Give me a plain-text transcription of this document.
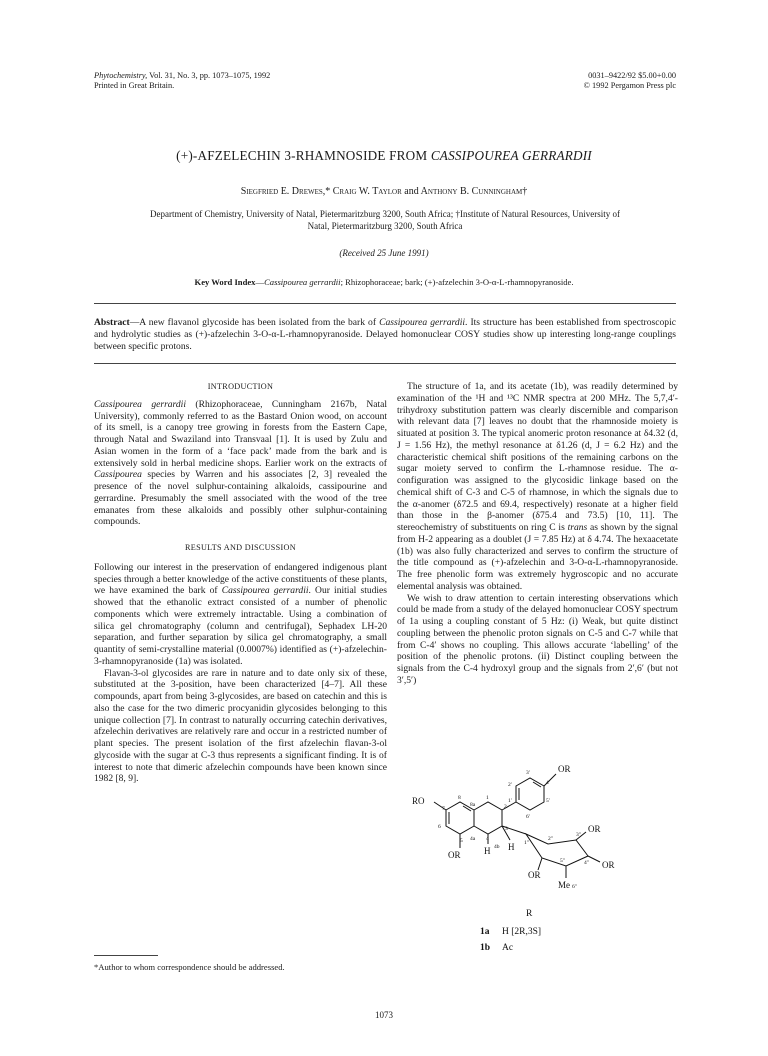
Phytochemistry, Vol. 31, No. 3, pp. 1073–1075, 1992
Printed in Great Britain.
0031–9422/92 $5.00+0.00
© 1992 Pergamon Press plc
(+)-AFZELECHIN 3-RHAMNOSIDE FROM CASSIPOUREA GERRARDII
Siegfried E. Drewes,* Craig W. Taylor and Anthony B. Cunningham†
Department of Chemistry, University of Natal, Pietermaritzburg 3200, South Africa; †Institute of Natural Resources, University of
Natal, Pietermaritzburg 3200, South Africa
(Received 25 June 1991)
Key Word Index—Cassipourea gerrardii; Rhizophoraceae; bark; (+)-afzelechin 3-O-α-L-rhamnopyranoside.
Abstract—A new flavanol glycoside has been isolated from the bark of Cassipourea gerrardii. Its structure has been established from spectroscopic and hydrolytic studies as (+)-afzelechin 3-O-α-L-rhamnopyranoside. Delayed homonuclear COSY studies show up interesting long-range couplings between specific protons.

INTRODUCTION

Cassipourea gerrardii (Rhizophoraceae, Cunningham 2167b, Natal University), commonly referred to as the Bastard Onion wood, on account of its smell, is a canopy tree growing in forests from the Eastern Cape, through Natal and Swaziland into Transvaal [1]. It is used by Zulu and Asian women in the form of a ‘face pack’ made from the bark and is extensively sold in herbal medicine shops. Earlier work on the extracts of Cassipourea species by Warren and his associates [2, 3] revealed the presence of the novel sulphur-containing alkaloids, cassipourine and gerrardine. Presumably the smell associated with the wood of the tree emanates from these alkaloids and possibly other sulphur-containing compounds.

RESULTS AND DISCUSSION

Following our interest in the preservation of endangered indigenous plant species through a better knowledge of the active constituents of these plants, we have examined the bark of Cassipourea gerrardii. Our initial studies showed that the ethanolic extract consisted of a number of phenolic components which were extremely intractable. Using a combination of silica gel chromatography (column and centrifugal), Sephadex LH-20 separation, and further separation by silica gel chromatography, a small quantity of semi-crystalline material (0.0007%) identified as (+)-afzelechin-3-rhamnopyranoside (1a) was isolated.

Flavan-3-ol glycosides are rare in nature and to date only six of these, substituted at the 3-position, have been characterized [4–7]. All these compounds, apart from being 3-glycosides, are based on catechin and this is also the case for the two dimeric procyanidin glycosides belonging to this unique collection [7]. In contrast to naturally occurring catechin derivatives, afzelechin derivatives are relatively rare and occur in a restricted number of plant species. The present isolation of the first afzelechin flavan-3-ol glycoside with the sugar at C-3 thus represents a significant finding. It is of interest to note that dimeric afzelechin compounds have been known since 1982 [8, 9].

The structure of 1a, and its acetate (1b), was readily determined by examination of the ¹H and ¹³C NMR spectra at 200 MHz. The 5,7,4′-trihydroxy substitution pattern was clearly discernible and comparison with relevant data [7] leaves no doubt that the rhamnoside moiety is situated at position 3. The typical anomeric proton resonance at δ4.32 (d, J = 1.56 Hz), the methyl resonance at δ1.26 (d, J = 6.2 Hz) and the characteristic chemical shift positions of the remaining carbons on the sugar moiety served to confirm the L-rhamnose residue. The α-configuration was assigned to the glycosidic linkage based on the chemical shift of C-3 and C-5 of rhamnose, in which the signals due to the α-anomer (δ72.5 and 69.4, respectively) resonate at a higher field than those in the β-anomer (δ75.4 and 73.5) [10, 11]. The stereochemistry of substituents on ring C is trans as shown by the signal from H-2 appearing as a doublet (J = 7.85 Hz) at δ 4.74. The hexaacetate (1b) was also fully characterized and serves to confirm the structure of the title compound as (+)-afzelechin and 3-O-α-L-rhamnopyranoside. The free phenolic form was extremely hygroscopic and no accurate elemental analysis was obtained.

We wish to draw attention to certain interesting observations which could be made from a study of the delayed homonuclear COSY spectrum of 1a using a coupling constant of 5 Hz: (i) Weak, but quite distinct coupling between the phenolic proton signals on C-5 and C-7 while that from C-4′ shows no coupling. This allows accurate ‘labelling’ of the position of the phenolic protons. (ii) Distinct coupling between the signals from the C-4 hydroxyl group and the signals from 2′,6′ (but not 3′,5′)

OR
RO
OR
OR
OR
OR
Me
H H
1
2
3
4
5
6
7
8
2′
3′
4′
5′
6′
1′
4a
4b
8a
1″
2″
3″
4″
5″
6″
R
1a H [2R,3S]
1b Ac
*Author to whom correspondence should be addressed.
1073
